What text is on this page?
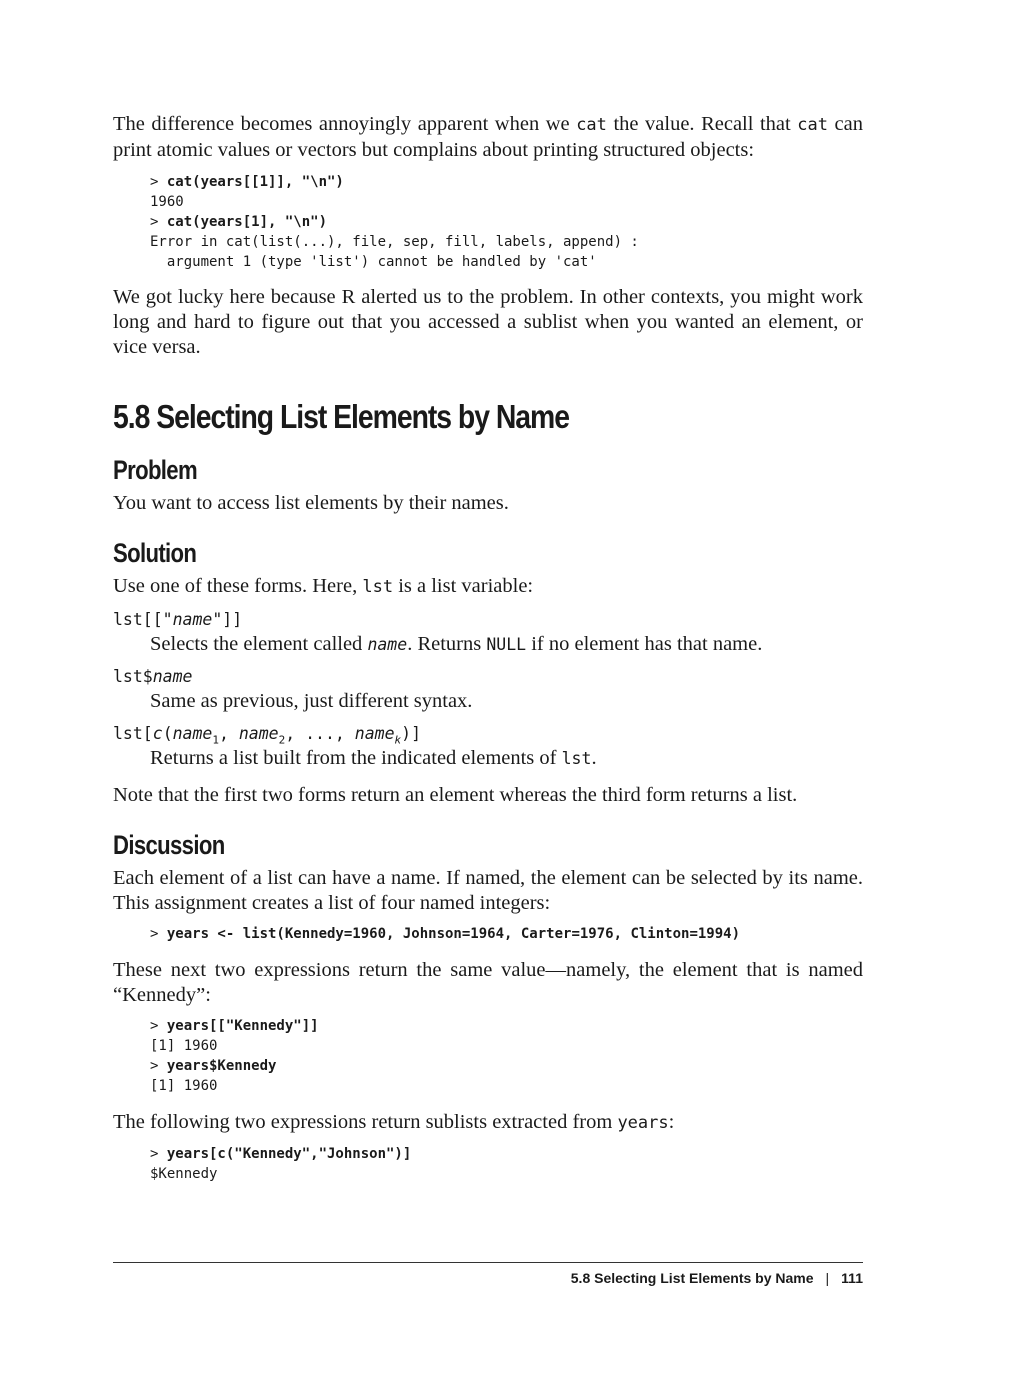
The difference becomes annoyingly apparent when we cat the value. Recall that cat can print atomic values or vectors but complains about printing structured objects:

> cat(years[[1]], "\n")
1960
> cat(years[1], "\n")
Error in cat(list(...), file, sep, fill, labels, append) :
argument 1 (type 'list') cannot be handled by 'cat'

We got lucky here because R alerted us to the problem. In other contexts, you might work long and hard to figure out that you accessed a sublist when you wanted an element, or vice versa.

5.8 Selecting List Elements by Name
Problem

You want to access list elements by their names.

Solution

Use one of these forms. Here, lst is a list variable:

lst[["name"]]

Selects the element called name. Returns NULL if no element has that name.

lst$name

Same as previous, just different syntax.

lst[c(name$_1$, name$_2$, ..., name$_k$)]

Returns a list built from the indicated elements of lst.

Note that the first two forms return an element whereas the third form returns a list.

Discussion

Each element of a list can have a name. If named, the element can be selected by its name. This assignment creates a list of four named integers:

> years <- list(Kennedy=1960, Johnson=1964, Carter=1976, Clinton=1994)

These next two expressions return the same value—namely, the element that is named “Kennedy”:

> years[["Kennedy"]]
[1] 1960
> years$Kennedy
[1] 1960

The following two expressions return sublists extracted from years:

> years[c("Kennedy","Johnson")]
$Kennedy
5.8 Selecting List Elements by Name | 111
